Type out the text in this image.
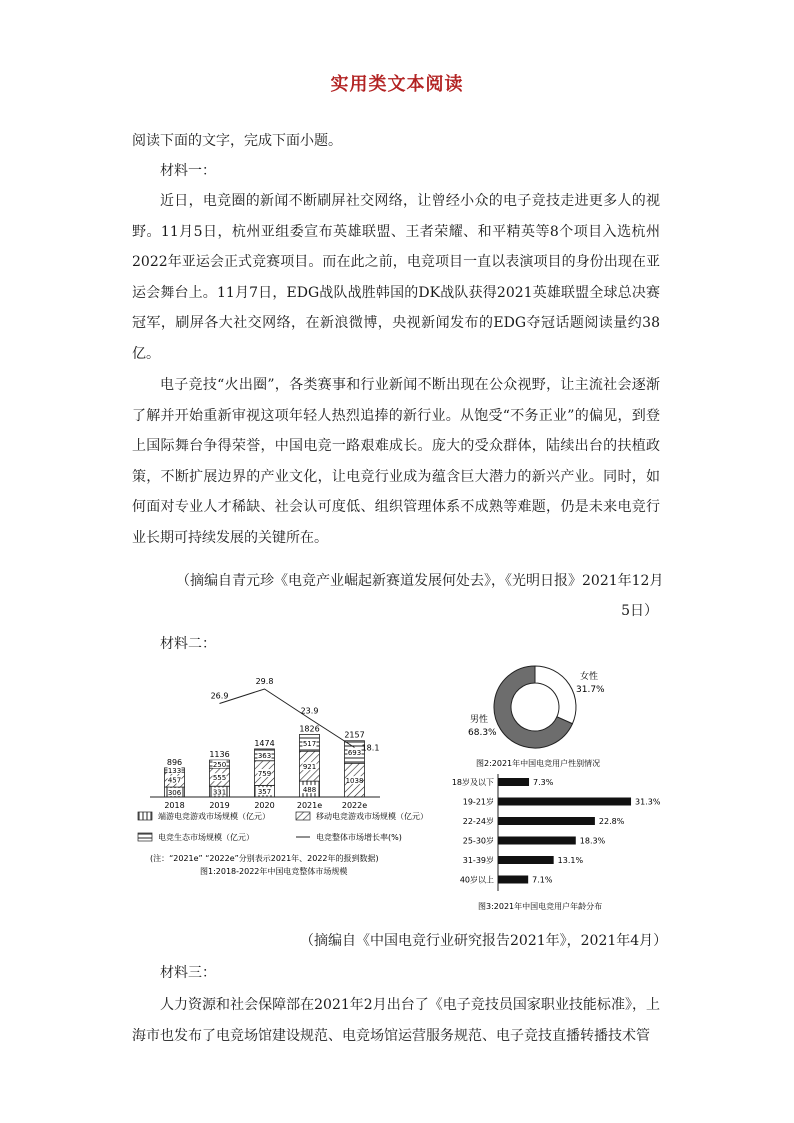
实用类文本阅读
阅读下面的文字，完成下面小题。
材料一：
近日，电竞圈的新闻不断刷屏社交网络，让曾经小众的电子竞技走进更多人的视野。11月5日，杭州亚组委宣布英雄联盟、王者荣耀、和平精英等8个项目入选杭州2022年亚运会正式竞赛项目。而在此之前，电竞项目一直以表演项目的身份出现在亚运会舞台上。11月7日，EDG战队战胜韩国的DK战队获得2021英雄联盟全球总决赛冠军，刷屏各大社交网络，在新浪微博，央视新闻发布的EDG夺冠话题阅读量约38亿。
电子竞技“火出圈”，各类赛事和行业新闻不断出现在公众视野，让主流社会逐渐了解并开始重新审视这项年轻人热烈追捧的新行业。从饱受“不务正业”的偏见，到登上国际舞台争得荣誉，中国电竞一路艰难成长。庞大的受众群体，陆续出台的扶植政策，不断扩展边界的产业文化，让电竞行业成为蕴含巨大潜力的新兴产业。同时，如何面对专业人才稀缺、社会认可度低、组织管理体系不成熟等难题，仍是未来电竞行业长期可持续发展的关键所在。
（摘编自青元珍《电竞产业崛起新赛道发展何处去》，《光明日报》2021年12月
5日）
材料二：
306
457
133
896
331
555
250
1136
357
759
363
1474
488
921
517
1826
1038
693
2157
26.9
29.8
23.9
18.1
2018	2019	2020	2021e 2022e
端游电竞游戏市场规模（亿元）	移动电竞游戏市场规模（亿元）
电竞生态市场规模（亿元）	电竞整体市场增长率(%)
(注：“2021e” “2022e”分别表示2021年、2022年的报到数据)
图1:2018-2022年中国电竞整体市场规模
女性
31.7%
男性
68.3%
图2:2021年中国电竞用户性别情况
18岁及以下	7.3%
19-21岁	31.3%
22-24岁	22.8%
25-30岁	18.3%
31-39岁	13.1%
40岁以上	7.1%
图3:2021年中国电竞用户年龄分布
（摘编自《中国电竞行业研究报告2021年》，2021年4月）
材料三：
人力资源和社会保障部在2021年2月出台了《电子竞技员国家职业技能标准》，上海市也发布了电竞场馆建设规范、电竞场馆运营服务规范、电子竞技直播转播技术管
